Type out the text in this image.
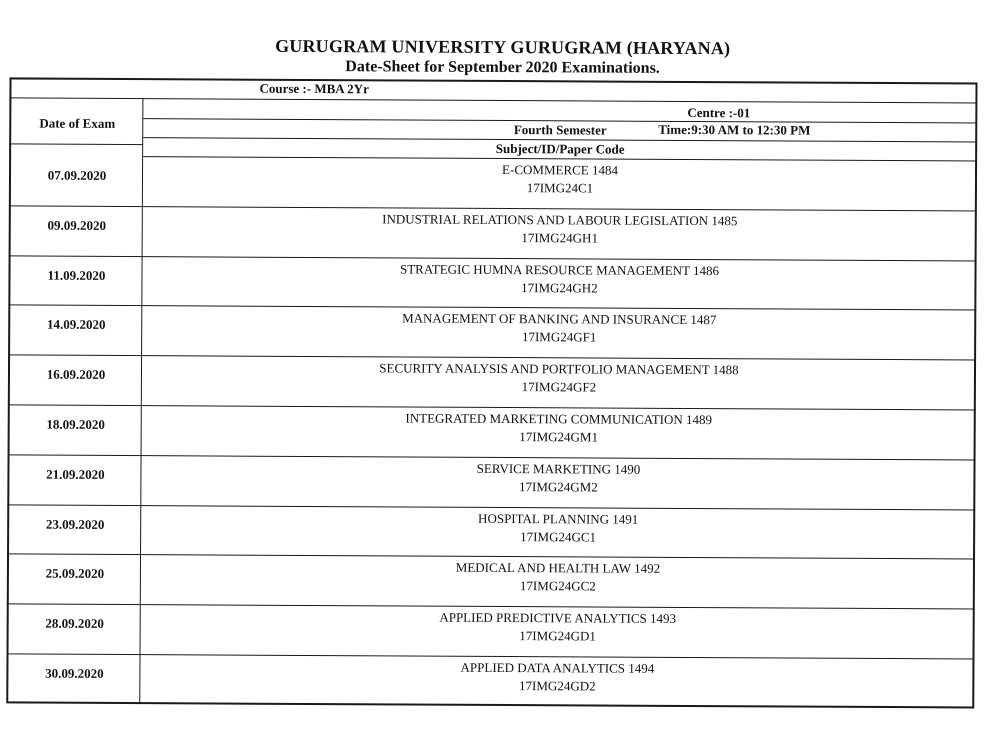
GURUGRAM UNIVERSITY GURUGRAM (HARYANA)
Date-Sheet for September 2020 Examinations.
Course :- MBA 2Yr
Centre :-01
Time:9:30 AM to 12:30 PM
Date of Exam	Fourth Semester
Subject/ID/Paper Code
07.09.2020	E-COMMERCE 1484
17IMG24C1
09.09.2020	INDUSTRIAL RELATIONS AND LABOUR LEGISLATION 1485
17IMG24GH1
11.09.2020	STRATEGIC HUMNA RESOURCE MANAGEMENT 1486
17IMG24GH2
14.09.2020	MANAGEMENT OF BANKING AND INSURANCE 1487
17IMG24GF1
16.09.2020	SECURITY ANALYSIS AND PORTFOLIO MANAGEMENT 1488
17IMG24GF2
18.09.2020	INTEGRATED MARKETING COMMUNICATION 1489
17IMG24GM1
21.09.2020	SERVICE MARKETING 1490
17IMG24GM2
23.09.2020	HOSPITAL PLANNING 1491
17IMG24GC1
25.09.2020	MEDICAL AND HEALTH LAW 1492
17IMG24GC2
28.09.2020	APPLIED PREDICTIVE ANALYTICS 1493
17IMG24GD1
30.09.2020	APPLIED DATA ANALYTICS 1494
17IMG24GD2
